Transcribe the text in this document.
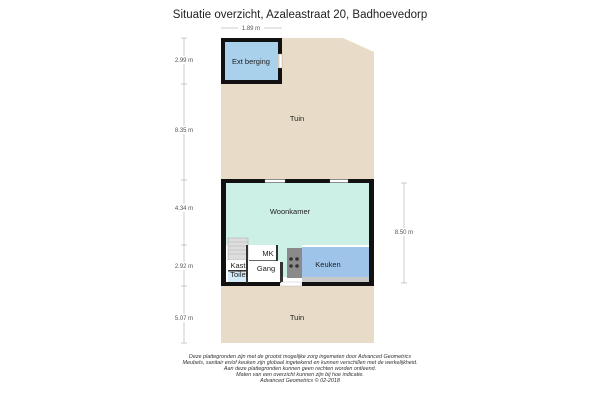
Situatie overzicht, Azaleastraat 20, Badhoevedorp
1.89 m
2.99 m
8.35 m
4.34 m
2.92 m
5.07 m
8.50 m
Ext berging
Tuin
Woonkamer
MK
Keuken
Kast Gang
Toilet
Tuin
Deze plattegronden zijn met de grootst mogelijke zorg ingemeten door Advanced Geometrics
Meubels, sanitair en/of keuken zijn globaal ingetekend en kunnen verschillen met de werkelijkheid.
Aan deze plattegronden kunnen geen rechten worden ontleend.
Maten van een overzicht kunnen zijn bij hoe indicatie.
Advanced Geometrics © 02-2018
